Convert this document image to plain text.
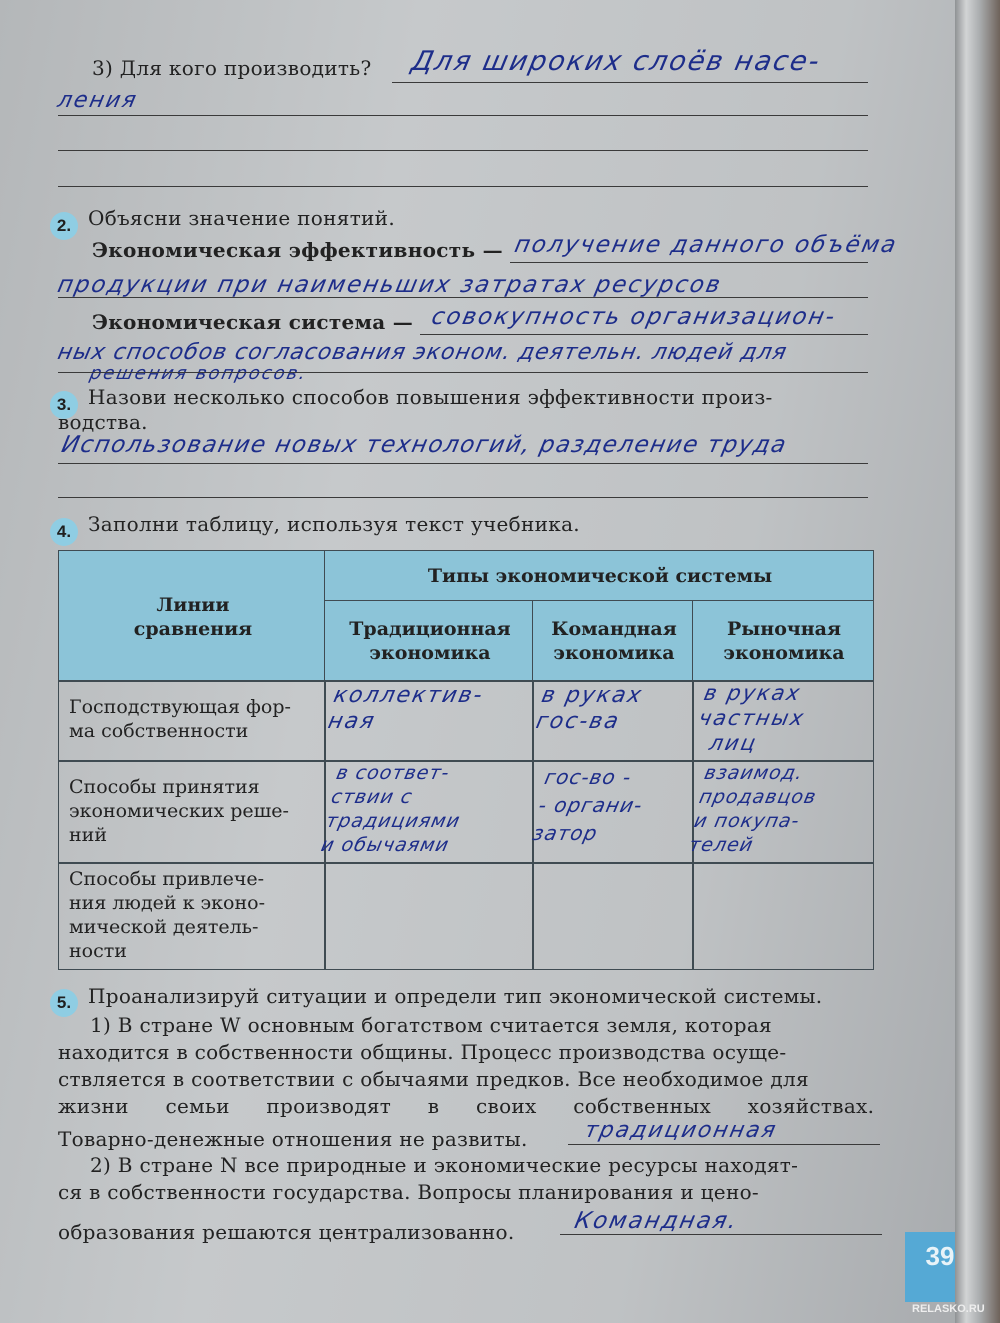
3) Для кого производить? Для широких слоёв насе-
ления
2. Объясни значение понятий.
Экономическая эффективность — получение данного объёма
продукции при наименьших затратах ресурсов
Экономическая система — совокупность организацион-
ных способов согласования эконом. деятельн. людей для
решения вопросов.
3. Назови несколько способов повышения эффективности произ-
водства.
Использование новых технологий, разделение труда
4. Заполни таблицу, используя текст учебника.
Линии
сравнения
Типы экономической системы
Традиционная
экономика
Командная
экономика
Рыночная
экономика
Господствующая фор-
ма собственности
коллектив-
ная
в руках
гос-ва
в руках
частных
лиц
Способы принятия
экономических реше-
ний
в соответ-
ствии с
традициями
и обычаями
гос-во -
- органи-
затор
взаимод.
продавцов
и покупа-
телей
Способы привлече-
ния людей к эконо-
мической деятель-
ности
5. Проанализируй ситуации и определи тип экономической системы.
1) В стране W основным богатством считается земля, которая
находится в собственности общины. Процесс производства осуще-
ствляется в соответствии с обычаями предков. Все необходимое для
жизни семьи производят в своих собственных хозяйствах.
Товарно-денежные отношения не развиты. традиционная
2) В стране N все природные и экономические ресурсы находят-
ся в собственности государства. Вопросы планирования и цено-
образования решаются централизованно.	Командная.
39
RELASKO.RU
